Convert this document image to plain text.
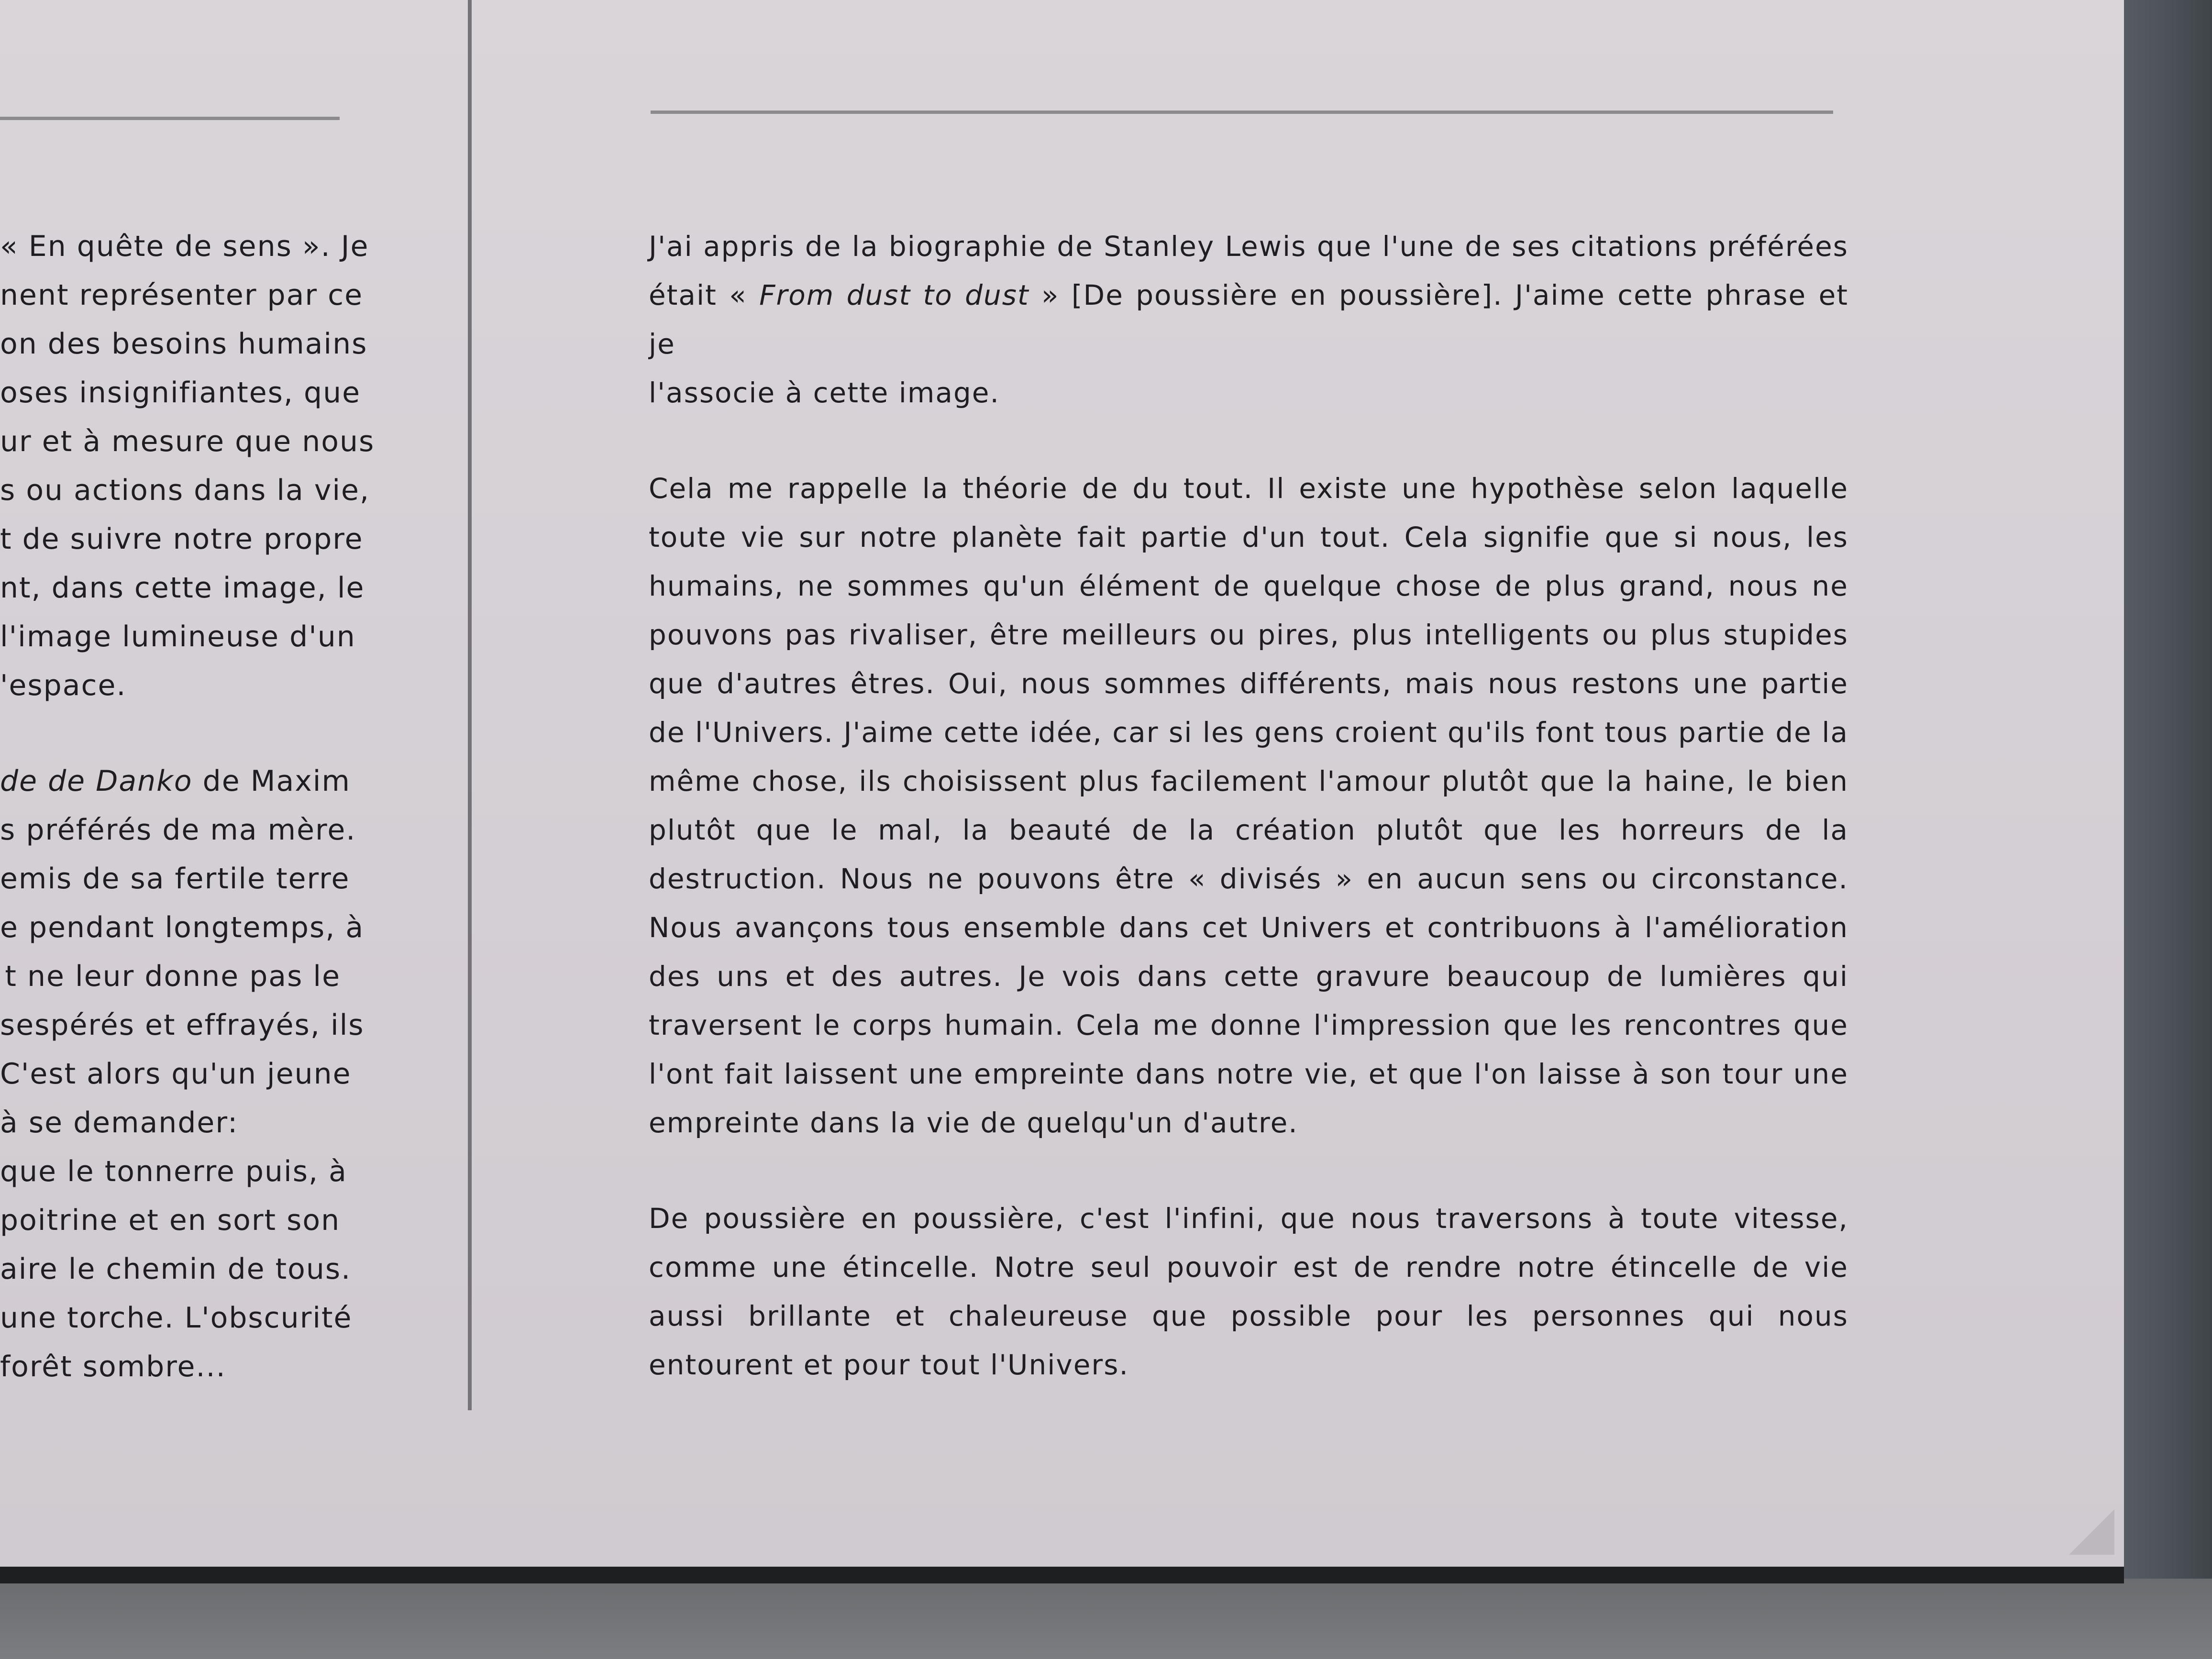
« En quête de sens ». Je

nent représenter par ce

on des besoins humains

oses insignifiantes, que

ur et à mesure que nous

s ou actions dans la vie,

t de suivre notre propre

nt, dans cette image, le

l'image lumineuse d'un

'espace.

de de Danko de Maxim

s préférés de ma mère.

emis de sa fertile terre

e pendant longtemps, à

t ne leur donne pas le

sespérés et effrayés, ils

C'est alors qu'un jeune

à se demander:

que le tonnerre puis, à

poitrine et en sort son

aire le chemin de tous.

une torche. L'obscurité

forêt sombre...

J'ai appris de la biographie de Stanley Lewis que l'une de ses citations préférées

était « From dust to dust » [De poussière en poussière]. J'aime cette phrase et je

l'associe à cette image.

Cela me rappelle la théorie de du tout. Il existe une hypothèse selon laquelle

toute vie sur notre planète fait partie d'un tout. Cela signifie que si nous, les

humains, ne sommes qu'un élément de quelque chose de plus grand, nous ne

pouvons pas rivaliser, être meilleurs ou pires, plus intelligents ou plus stupides

que d'autres êtres. Oui, nous sommes différents, mais nous restons une partie

de l'Univers. J'aime cette idée, car si les gens croient qu'ils font tous partie de la

même chose, ils choisissent plus facilement l'amour plutôt que la haine, le bien

plutôt que le mal, la beauté de la création plutôt que les horreurs de la

destruction. Nous ne pouvons être « divisés » en aucun sens ou circonstance.

Nous avançons tous ensemble dans cet Univers et contribuons à l'amélioration

des uns et des autres. Je vois dans cette gravure beaucoup de lumières qui

traversent le corps humain. Cela me donne l'impression que les rencontres que

l'ont fait laissent une empreinte dans notre vie, et que l'on laisse à son tour une

empreinte dans la vie de quelqu'un d'autre.

De poussière en poussière, c'est l'infini, que nous traversons à toute vitesse,

comme une étincelle. Notre seul pouvoir est de rendre notre étincelle de vie

aussi brillante et chaleureuse que possible pour les personnes qui nous

entourent et pour tout l'Univers.
